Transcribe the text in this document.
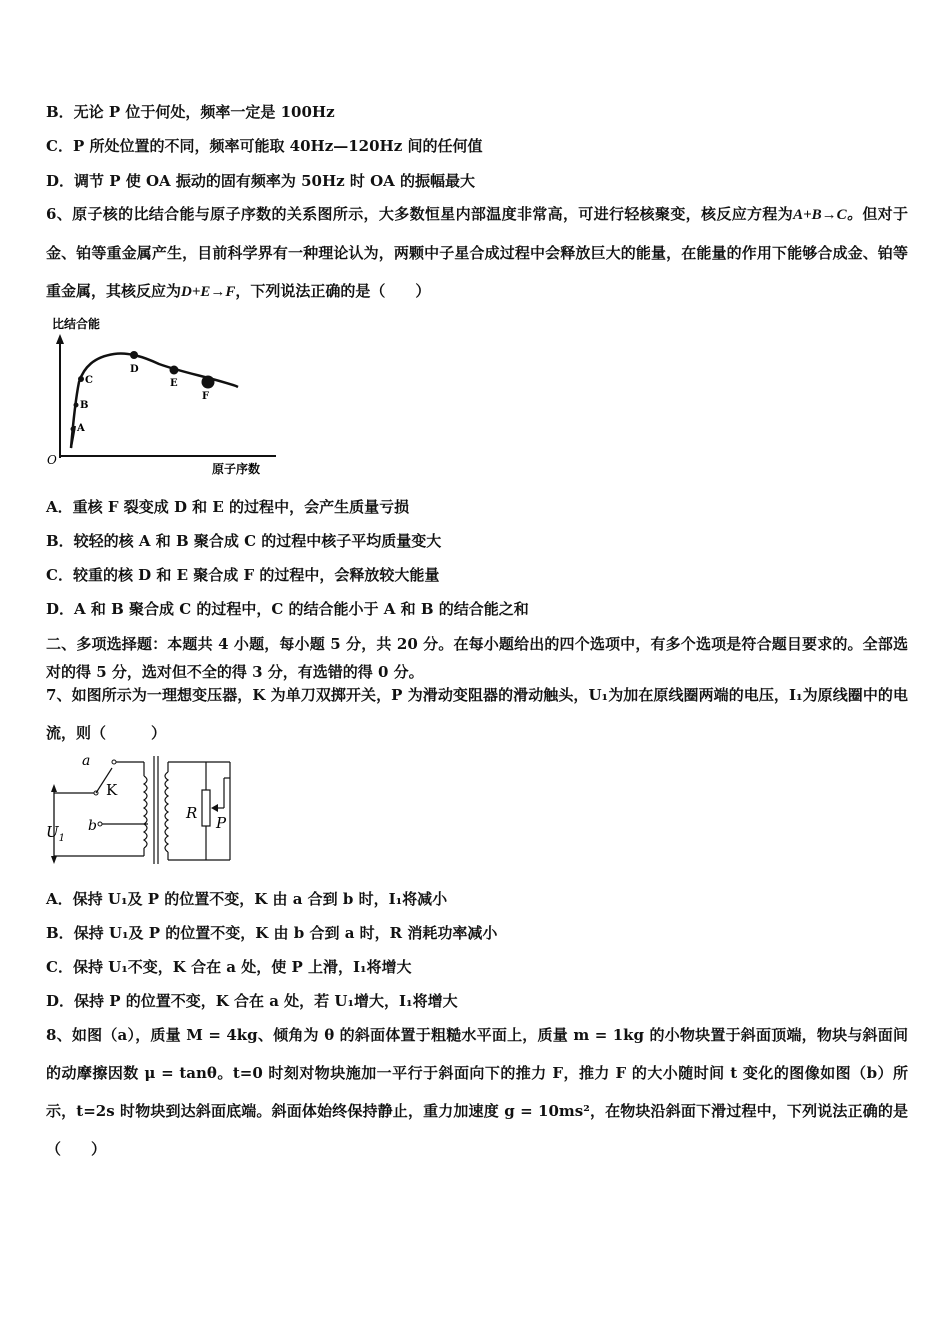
B．无论 P 位于何处，频率一定是 100Hz
C．P 所处位置的不同，频率可能取 40Hz—120Hz 间的任何值
D．调节 P 使 OA 振动的固有频率为 50Hz 时 OA 的振幅最大
6、原子核的比结合能与原子序数的关系图所示，大多数恒星内部温度非常高，可进行轻核聚变，核反应方程为A+B→C。但对于金、铂等重金属产生，目前科学界有一种理论认为，两颗中子星合成过程中会释放巨大的能量，在能量的作用下能够合成金、铂等重金属，其核反应为D+E→F，下列说法正确的是（　　）
比结合能
O
原子序数
A
B
C
D
E
F
A．重核 F 裂变成 D 和 E 的过程中，会产生质量亏损
B．较轻的核 A 和 B 聚合成 C 的过程中核子平均质量变大
C．较重的核 D 和 E 聚合成 F 的过程中，会释放较大能量
D．A 和 B 聚合成 C 的过程中，C 的结合能小于 A 和 B 的结合能之和
二、多项选择题：本题共 4 小题，每小题 5 分，共 20 分。在每小题给出的四个选项中，有多个选项是符合题目要求的。全部选对的得 5 分，选对但不全的得 3 分，有选错的得 0 分。
7、如图所示为一理想变压器，K 为单刀双掷开关，P 为滑动变阻器的滑动触头，U₁为加在原线圈两端的电压，I₁为原线圈中的电流，则（　　　）
$U_1$
K
a
b
R
P
A．保持 U₁及 P 的位置不变，K 由 a 合到 b 时，I₁将减小
B．保持 U₁及 P 的位置不变，K 由 b 合到 a 时，R 消耗功率减小
C．保持 U₁不变，K 合在 a 处，使 P 上滑，I₁将增大
D．保持 P 的位置不变，K 合在 a 处，若 U₁增大，I₁将增大
8、如图（a），质量 M = 4kg、倾角为 θ 的斜面体置于粗糙水平面上，质量 m = 1kg 的小物块置于斜面顶端，物块与斜面间的动摩擦因数 μ = tanθ。t=0 时刻对物块施加一平行于斜面向下的推力 F，推力 F 的大小随时间 t 变化的图像如图（b）所示，t=2s 时物块到达斜面底端。斜面体始终保持静止，重力加速度 g = 10ms²，在物块沿斜面下滑过程中，下列说法正确的是（　　）
